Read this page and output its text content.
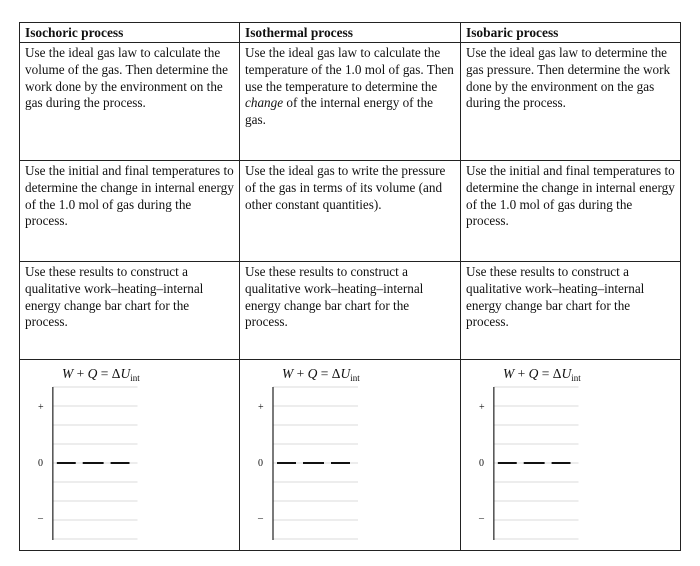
Isochoric process	Isothermal process	Isobaric process
Use the ideal gas law to calculate the volume of the gas. Then determine the work done by the environment on the gas during the process.
Use the ideal gas law to calculate the temperature of the 1.0 mol of gas. Then use the temperature to determine the change of the internal energy of the gas.
Use the ideal gas law to determine the gas pressure. Then determine the work done by the environment on the gas during the process.
Use the initial and final temperatures to determine the change in internal energy of the 1.0 mol of gas during the process.
Use the ideal gas to write the pressure of the gas in terms of its volume (and other constant quantities).
Use the initial and final temperatures to determine the change in internal energy of the 1.0 mol of gas during the process.
Use these results to construct a qualitative work–heating–internal energy change bar chart for the process.
Use these results to construct a qualitative work–heating–internal energy change bar chart for the process.
Use these results to construct a qualitative work–heating–internal energy change bar chart for the process.
$W + Q = \Delta U_{int}$
+
0
–
$W + Q = \Delta U_{int}$
+
0
–
$W + Q = \Delta U_{int}$
+
0
–
